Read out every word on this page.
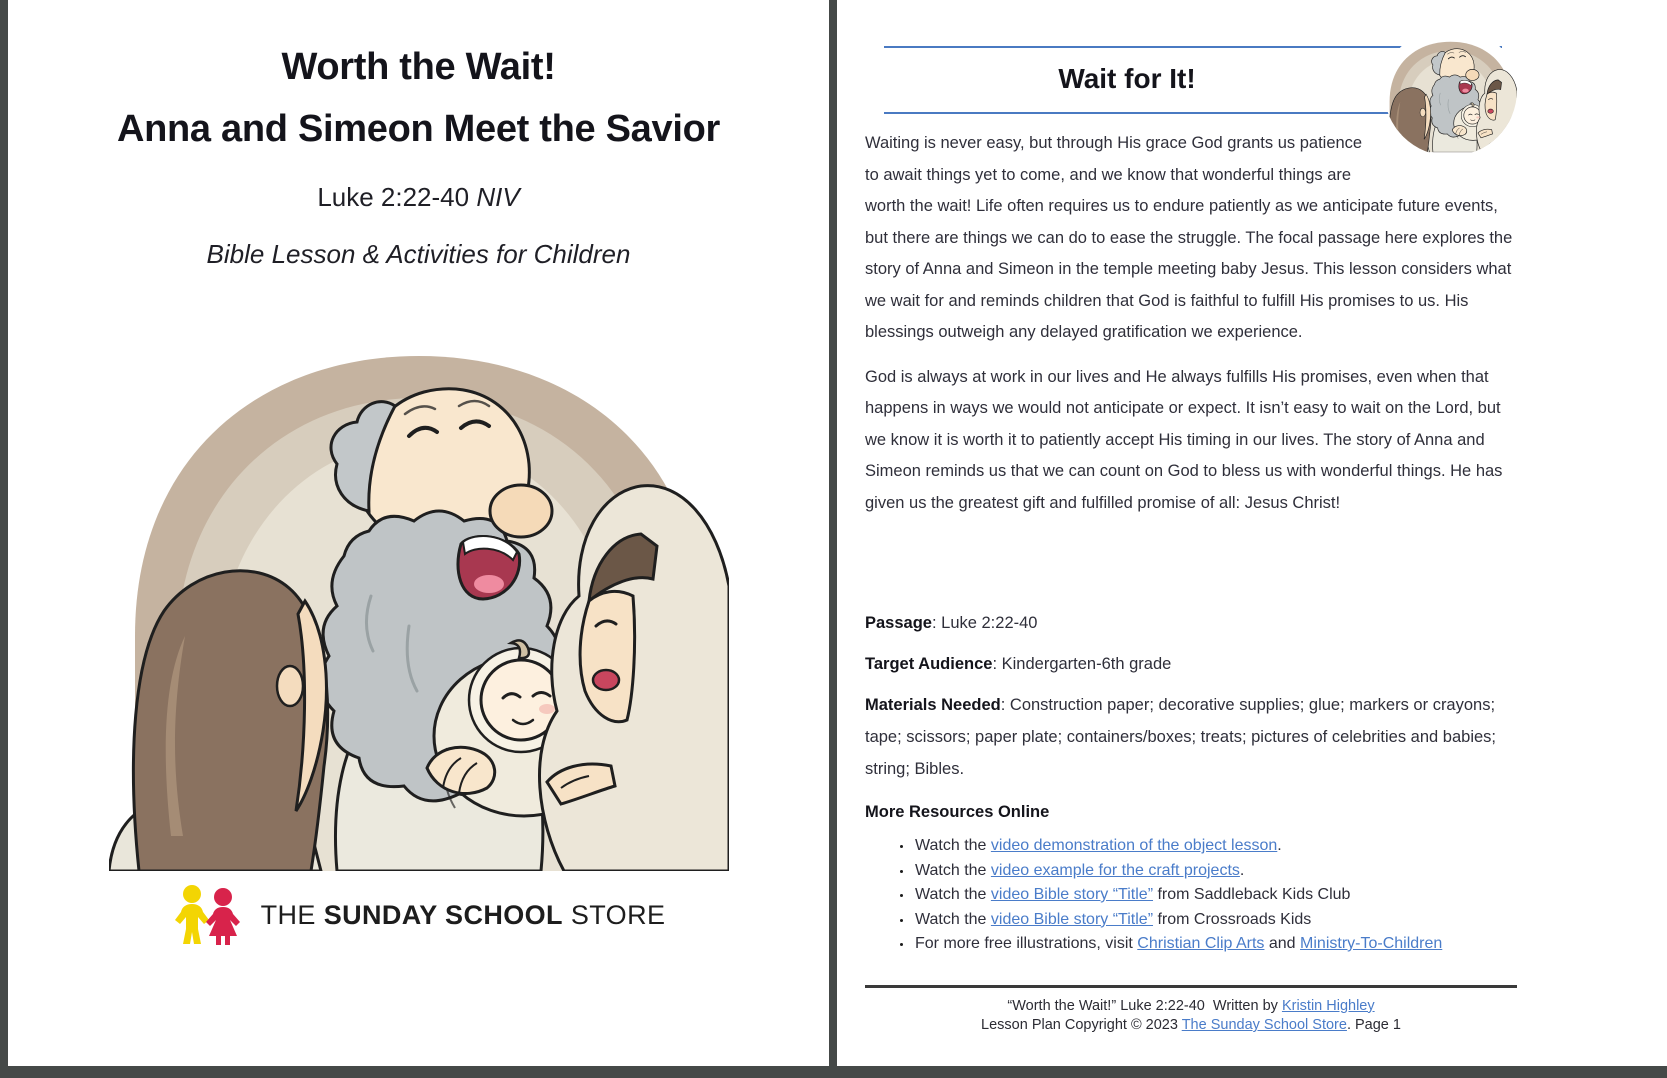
Worth the Wait!
Anna and Simeon Meet the Savior
Luke 2:22-40 NIV
Bible Lesson & Activities for Children
THE SUNDAY SCHOOL STORE
Wait for It!

Waiting is never easy, but through His grace God grants us patience to await things yet to come, and we know that wonderful things are worth the wait! Life often requires us to endure patiently as we anticipate future events, but there are things we can do to ease the struggle. The focal passage here explores the story of Anna and Simeon in the temple meeting baby Jesus. This lesson considers what we wait for and reminds children that God is faithful to fulfill His promises to us. His blessings outweigh any delayed gratification we experience.

God is always at work in our lives and He always fulfills His promises, even when that happens in ways we would not anticipate or expect. It isn’t easy to wait on the Lord, but we know it is worth it to patiently accept His timing in our lives. The story of Anna and Simeon reminds us that we can count on God to bless us with wonderful things. He has given us the greatest gift and fulfilled promise of all: Jesus Christ!

Passage: Luke 2:22-40

Target Audience: Kindergarten-6th grade

Materials Needed: Construction paper; decorative supplies; glue; markers or crayons; tape; scissors; paper plate; containers/boxes; treats; pictures of celebrities and babies; string; Bibles.

More Resources Online

• Watch the video demonstration of the object lesson.
• Watch the video example for the craft projects.
• Watch the video Bible story “Title” from Saddleback Kids Club
• Watch the video Bible story “Title” from Crossroads Kids
• For more free illustrations, visit Christian Clip Arts and Ministry-To-Children
“Worth the Wait!” Luke 2:22-40  Written by Kristin Highley
Lesson Plan Copyright © 2023 The Sunday School Store. Page 1
